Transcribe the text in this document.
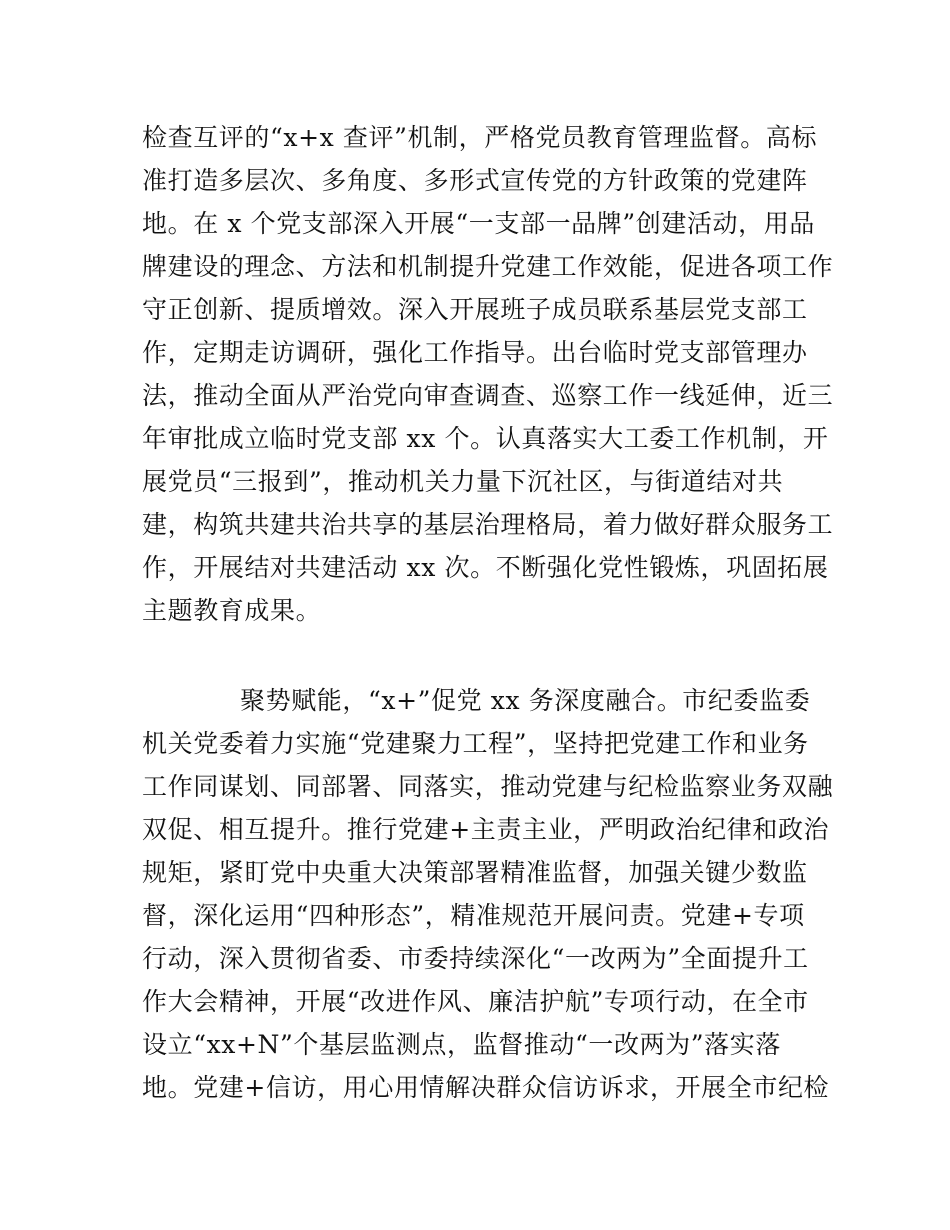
检查互评的“x+x 查评”机制，严格党员教育管理监督。高标
准打造多层次、多角度、多形式宣传党的方针政策的党建阵
地。在 x 个党支部深入开展“一支部一品牌”创建活动，用品
牌建设的理念、方法和机制提升党建工作效能，促进各项工作
守正创新、提质增效。深入开展班子成员联系基层党支部工
作，定期走访调研，强化工作指导。出台临时党支部管理办
法，推动全面从严治党向审查调查、巡察工作一线延伸，近三
年审批成立临时党支部 xx 个。认真落实大工委工作机制，开
展党员“三报到”，推动机关力量下沉社区，与街道结对共
建，构筑共建共治共享的基层治理格局，着力做好群众服务工
作，开展结对共建活动 xx 次。不断强化党性锻炼，巩固拓展
主题教育成果。
聚势赋能，“x+”促党 xx 务深度融合。市纪委监委
机关党委着力实施“党建聚力工程”，坚持把党建工作和业务
工作同谋划、同部署、同落实，推动党建与纪检监察业务双融
双促、相互提升。推行党建+主责主业，严明政治纪律和政治
规矩，紧盯党中央重大决策部署精准监督，加强关键少数监
督，深化运用“四种形态”，精准规范开展问责。党建+专项
行动，深入贯彻省委、市委持续深化“一改两为”全面提升工
作大会精神，开展“改进作风、廉洁护航”专项行动，在全市
设立“xx+N”个基层监测点，监督推动“一改两为”落实落
地。党建+信访，用心用情解决群众信访诉求，开展全市纪检
